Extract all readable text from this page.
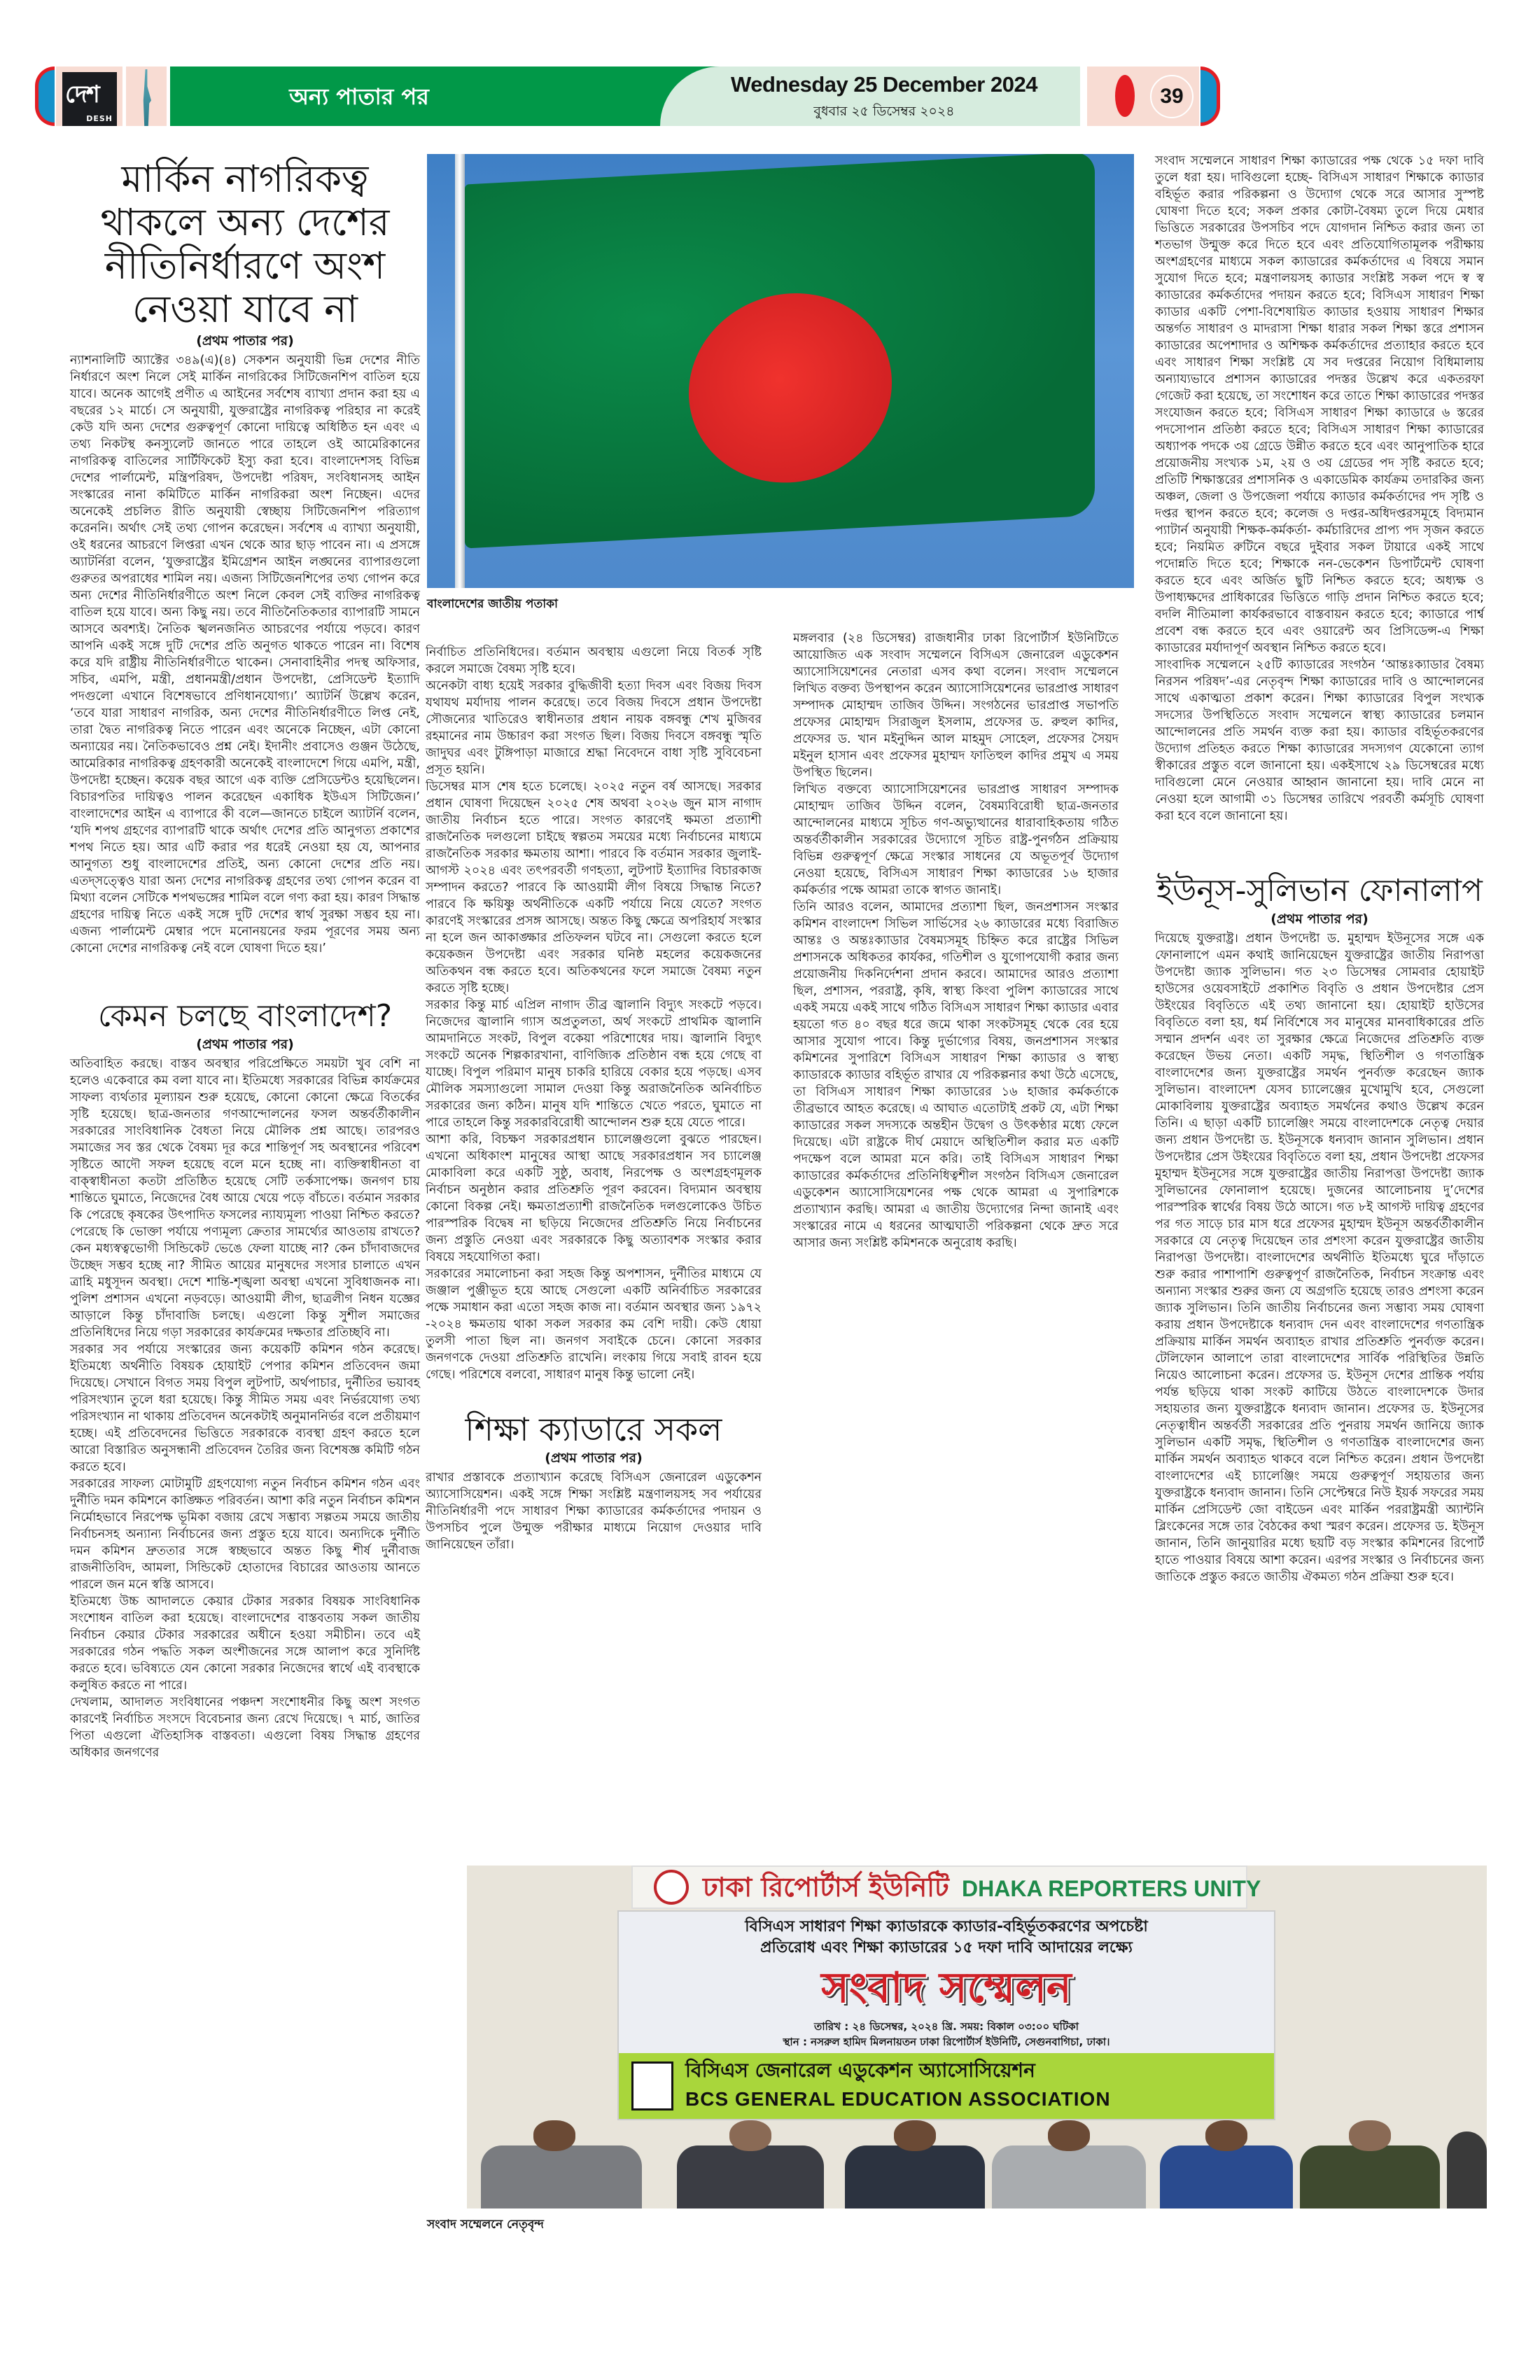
দেশ
DESH
অন্য পাতার পর	Wednesday 25 December 2024
বুধবার ২৫ ডিসেম্বর ২০২৪
39
মার্কিন নাগরিকত্ব থাকলে অন্য দেশের নীতিনির্ধারণে অংশ নেওয়া যাবে না
(প্রথম পাতার পর)

ন্যাশনালিটি অ্যাক্টের ৩৪৯(এ)(৪) সেকশন অনুযায়ী ভিন্ন দেশের নীতি নির্ধারণে অংশ নিলে সেই মার্কিন নাগরিকের সিটিজেনশিপ বাতিল হয়ে যাবে। অনেক আগেই প্রণীত এ আইনের সর্বশেষ ব্যাখ্যা প্রদান করা হয় এ বছরের ১২ মার্চে। সে অনুযায়ী, যুক্তরাষ্ট্রের নাগরিকত্ব পরিহার না করেই কেউ যদি অন্য দেশের গুরুত্বপূর্ণ কোনো দায়িত্বে অধিষ্ঠিত হন এবং এ তথ্য নিকটস্থ কনস্যুলেট জানতে পারে তাহলে ওই আমেরিকানের নাগরিকত্ব বাতিলের সার্টিফিকেট ইস্যু করা হবে। বাংলাদেশসহ বিভিন্ন দেশের পার্লামেন্ট, মন্ত্রিপরিষদ, উপদেষ্টা পরিষদ, সংবিধানসহ আইন সংস্কারের নানা কমিটিতে মার্কিন নাগরিকরা অংশ নিচ্ছেন। এদের অনেকেই প্রচলিত রীতি অনুযায়ী স্বেচ্ছায় সিটিজেনশিপ পরিত্যাগ করেননি। অর্থাৎ সেই তথ্য গোপন করেছেন। সর্বশেষ এ ব্যাখ্যা অনুযায়ী, ওই ধরনের আচরণে লিপ্তরা এখন থেকে আর ছাড় পাবেন না। এ প্রসঙ্গে অ্যাটর্নিরা বলেন, ‘যুক্তরাষ্ট্রের ইমিগ্রেশন আইন লঙ্ঘনের ব্যাপারগুলো গুরুতর অপরাধের শামিল নয়। এজন্য সিটিজেনশিপের তথ্য গোপন করে অন্য দেশের নীতিনির্ধারণীতে অংশ নিলে কেবল সেই ব্যক্তির নাগরিকত্ব বাতিল হয়ে যাবে। অন্য কিছু নয়। তবে নীতিনৈতিকতার ব্যাপারটি সামনে আসবে অবশ্যই। নৈতিক স্খলনজনিত আচরণের পর্যায়ে পড়বে। কারণ আপনি একই সঙ্গে দুটি দেশের প্রতি অনুগত থাকতে পারেন না। বিশেষ করে যদি রাষ্ট্রীয় নীতিনির্ধারণীতে থাকেন। সেনাবাহিনীর পদস্থ অফিসার, সচিব, এমপি, মন্ত্রী, প্রধানমন্ত্রী/প্রধান উপদেষ্টা, প্রেসিডেন্ট ইত্যাদি পদগুলো এখানে বিশেষভাবে প্রণিধানযোগ্য।’ অ্যাটর্নি উল্লেখ করেন, ‘তবে যারা সাধারণ নাগরিক, অন্য দেশের নীতিনির্ধারণীতে লিপ্ত নেই, তারা দ্বৈত নাগরিকত্ব নিতে পারেন এবং অনেকে নিচ্ছেন, এটা কোনো অন্যায়ের নয়। নৈতিকভাবেও প্রশ্ন নেই। ইদানীং প্রবাসেও গুঞ্জন উঠেছে, আমেরিকার নাগরিকত্ব গ্রহণকারী অনেকেই বাংলাদেশে গিয়ে এমপি, মন্ত্রী, উপদেষ্টা হচ্ছেন। কয়েক বছর আগে এক ব্যক্তি প্রেসিডেন্টও হয়েছিলেন। বিচারপতির দায়িত্বও পালন করেছেন একাধিক ইউএস সিটিজেন।’ বাংলাদেশের আইন এ ব্যাপারে কী বলে—জানতে চাইলে অ্যাটর্নি বলেন, ‘যদি শপথ গ্রহণের ব্যাপারটি থাকে অর্থাৎ দেশের প্রতি আনুগত্য প্রকাশের শপথ নিতে হয়। আর এটি করার পর ধরেই নেওয়া হয় যে, আপনার আনুগত্য শুধু বাংলাদেশের প্রতিই, অন্য কোনো দেশের প্রতি নয়। এতদ্সত্ত্বেও যারা অন্য দেশের নাগরিকত্ব গ্রহণের তথ্য গোপন করেন বা মিথ্যা বলেন সেটিকে শপথভঙ্গের শামিল বলে গণ্য করা হয়। কারণ সিদ্ধান্ত গ্রহণের দায়িত্ব নিতে একই সঙ্গে দুটি দেশের স্বার্থ সুরক্ষা সম্ভব হয় না। এজন্য পার্লামেন্ট মেম্বার পদে মনোনয়নের ফরম পূরণের সময় অন্য কোনো দেশের নাগরিকত্ব নেই বলে ঘোষণা দিতে হয়।’

কেমন চলছে বাংলাদেশ?
(প্রথম পাতার পর)

অতিবাহিত করছে। বাস্তব অবস্থার পরিপ্রেক্ষিতে সময়টা খুব বেশি না হলেও একেবারে কম বলা যাবে না। ইতিমধ্যে সরকারের বিভিন্ন কার্যক্রমের সাফল্য ব্যর্থতার মূল্যায়ন শুরু হয়েছে, কোনো কোনো ক্ষেত্রে বিতর্কের সৃষ্টি হয়েছে। ছাত্র-জনতার গণআন্দোলনের ফসল অন্তর্বর্তীকালীন সরকারের সাংবিধানিক বৈধতা নিয়ে মৌলিক প্রশ্ন আছে। তারপরও সমাজের সব স্তর থেকে বৈষম্য দূর করে শান্তিপূর্ণ সহ অবস্থানের পরিবেশ সৃষ্টিতে আদৌ সফল হয়েছে বলে মনে হচ্ছে না। ব্যক্তিস্বাধীনতা বা বাক্স্বাধীনতা কতটা প্রতিষ্ঠিত হয়েছে সেটি তর্কসাপেক্ষ। জনগণ চায় শান্তিতে ঘুমাতে, নিজেদের বৈধ আয়ে খেয়ে পড়ে বাঁচতে। বর্তমান সরকার কি পেরেছে কৃষকের উৎপাদিত ফসলের ন্যায্যমূল্য পাওয়া নিশ্চিত করতে? পেরেছে কি ভোক্তা পর্যায়ে পণ্যমূল্য ক্রেতার সামর্থ্যের আওতায় রাখতে? কেন মধ্যস্বত্বভোগী সিন্ডিকেট ভেঙে ফেলা যাচ্ছে না? কেন চাঁদাবাজদের উচ্ছেদ সম্ভব হচ্ছে না? সীমিত আয়ের মানুষদের সংসার চালাতে এখন ত্রাহি মধুসূদন অবস্থা। দেশে শান্তি-শৃঙ্খলা অবস্থা এখনো সুবিধাজনক না। পুলিশ প্রশাসন এখনো নড়বড়ে। আওয়ামী লীগ, ছাত্রলীগ নিধন যজ্ঞের আড়ালে কিন্তু চাঁদাবাজি চলছে। এগুলো কিন্তু সুশীল সমাজের প্রতিনিধিদের নিয়ে গড়া সরকারের কার্যক্রমের দক্ষতার প্রতিচ্ছবি না।

সরকার সব পর্যায়ে সংস্কারের জন্য কয়েকটি কমিশন গঠন করেছে। ইতিমধ্যে অর্থনীতি বিষয়ক হোয়াইট পেপার কমিশন প্রতিবেদন জমা দিয়েছে। সেখানে বিগত সময় বিপুল লুটপাট, অর্থপাচার, দুর্নীতির ভয়াবহ পরিসংখ্যান তুলে ধরা হয়েছে। কিন্তু সীমিত সময় এবং নির্ভরযোগ্য তথ্য পরিসংখ্যান না থাকায় প্রতিবেদন অনেকটাই অনুমাননির্ভর বলে প্রতীয়মাণ হচ্ছে। এই প্রতিবেদনের ভিত্তিতে সরকারকে ব্যবস্থা গ্রহণ করতে হলে আরো বিস্তারিত অনুসন্ধানী প্রতিবেদন তৈরির জন্য বিশেষজ্ঞ কমিটি গঠন করতে হবে।

সরকারের সাফল্য মোটামুটি গ্রহণযোগ্য নতুন নির্বাচন কমিশন গঠন এবং দুর্নীতি দমন কমিশনে কাঙ্ক্ষিত পরিবর্তন। আশা করি নতুন নির্বাচন কমিশন নির্মোহভাবে নিরপেক্ষ ভূমিকা বজায় রেখে সম্ভাব্য সল্পতম সময়ে জাতীয় নির্বাচনসহ অন্যান্য নির্বাচনের জন্য প্রস্তুত হয়ে যাবে। অন্যদিকে দুর্নীতি দমন কমিশন দ্রুততার সঙ্গে স্বচ্ছভাবে অন্তত কিছু শীর্ষ দুর্নীবাজ রাজনীতিবিদ, আমলা, সিন্ডিকেট হোতাদের বিচারের আওতায় আনতে পারলে জন মনে স্বস্তি আসবে।

ইতিমধ্যে উচ্চ আদালতে কেয়ার টেকার সরকার বিষয়ক সাংবিধানিক সংশোধন বাতিল করা হয়েছে। বাংলাদেশের বাস্তবতায় সকল জাতীয় নির্বাচন কেয়ার টেকার সরকারের অধীনে হওয়া সমীচীন। তবে এই সরকারের গঠন পদ্ধতি সকল অংশীজনের সঙ্গে আলাপ করে সুনির্দিষ্ট করতে হবে। ভবিষ্যতে যেন কোনো সরকার নিজেদের স্বার্থে এই ব্যবস্থাকে কলুষিত করতে না পারে।

দেখলাম, আদালত সংবিধানের পঞ্চদশ সংশোধনীর কিছু অংশ সংগত কারণেই নির্বাচিত সংসদে বিবেচনার জন্য রেখে দিয়েছে। ৭ মার্চ, জাতির পিতা এগুলো ঐতিহাসিক বাস্তবতা। এগুলো বিষয় সিদ্ধান্ত গ্রহণের অধিকার জনগণের

বাংলাদেশের জাতীয় পতাকা

নির্বাচিত প্রতিনিধিদের। বর্তমান অবস্থায় এগুলো নিয়ে বিতর্ক সৃষ্টি করলে সমাজে বৈষম্য সৃষ্টি হবে।

অনেকটা বাধ্য হয়েই সরকার বুদ্ধিজীবী হত্যা দিবস এবং বিজয় দিবস যথাযথ মর্যাদায় পালন করেছে। তবে বিজয় দিবসে প্রধান উপদেষ্টা সৌজন্যের খাতিরেও স্বাধীনতার প্রধান নায়ক বঙ্গবন্ধু শেখ মুজিবর রহমানের নাম উচ্চারণ করা সংগত ছিল। বিজয় দিবসে বঙ্গবন্ধু স্মৃতি জাদুঘর এবং টুঙ্গিপাড়া মাজারে শ্রদ্ধা নিবেদনে বাধা সৃষ্টি সুবিবেচনা প্রসূত হয়নি।

ডিসেম্বর মাস শেষ হতে চলেছে। ২০২৫ নতুন বর্ষ আসছে। সরকার প্রধান ঘোষণা দিয়েছেন ২০২৫ শেষ অথবা ২০২৬ জুন মাস নাগাদ জাতীয় নির্বাচন হতে পারে। সংগত কারণেই ক্ষমতা প্রত্যাশী রাজনৈতিক দলগুলো চাইছে স্বল্পতম সময়ের মধ্যে নির্বাচনের মাধ্যমে রাজনৈতিক সরকার ক্ষমতায় আশা। পারবে কি বর্তমান সরকার জুলাই-আগস্ট ২০২৪ এবং তৎপরবর্তী গণহত্যা, লুটপাট ইত্যাদির বিচারকাজ সম্পাদন করতে? পারবে কি আওয়ামী লীগ বিষয়ে সিদ্ধান্ত নিতে? পারবে কি ক্ষয়িষ্ণু অর্থনীতিকে একটি পর্যায়ে নিয়ে যেতে? সংগত কারণেই সংস্কারের প্রসঙ্গ আসছে। অন্তত কিছু ক্ষেত্রে অপরিহার্য সংস্কার না হলে জন আকাঙ্ক্ষার প্রতিফলন ঘটবে না। সেগুলো করতে হলে কয়েকজন উপদেষ্টা এবং সরকার ঘনিষ্ঠ মহলের কয়েকজনের অতিকথন বন্ধ করতে হবে। অতিকথনের ফলে সমাজে বৈষম্য নতুন করতে সৃষ্টি হচ্ছে।

সরকার কিন্তু মার্চ এপ্রিল নাগাদ তীব্র জ্বালানি বিদ্যুৎ সংকটে পড়বে। নিজেদের জ্বালানি গ্যাস অপ্রতুলতা, অর্থ সংকটে প্রাথমিক জ্বালানি আমদানিতে সংকট, বিপুল বকেয়া পরিশোধের দায়। জ্বালানি বিদ্যুৎ সংকটে অনেক শিল্পকারখানা, বাণিজ্যিক প্রতিষ্ঠান বন্ধ হয়ে গেছে বা যাচ্ছে। বিপুল পরিমাণ মানুষ চাকরি হারিয়ে বেকার হয়ে পড়ছে। এসব মৌলিক সমস্যাগুলো সামাল দেওয়া কিন্তু অরাজনৈতিক অনির্বাচিত সরকারের জন্য কঠিন। মানুষ যদি শান্তিতে খেতে পরতে, ঘুমাতে না পারে তাহলে কিন্তু সরকারবিরোধী আন্দোলন শুরু হয়ে যেতে পারে।

আশা করি, বিচক্ষণ সরকারপ্রধান চ্যালেঞ্জগুলো বুঝতে পারছেন। এখনো অধিকাংশ মানুষের আস্থা আছে সরকারপ্রধান সব চ্যালেঞ্জ মোকাবিলা করে একটি সুষ্ঠু, অবাধ, নিরপেক্ষ ও অংশগ্রহণমূলক নির্বাচন অনুষ্ঠান করার প্রতিশ্রুতি পূরণ করবেন। বিদ্যমান অবস্থায় কোনো বিকল্প নেই। ক্ষমতাপ্রত্যাশী রাজনৈতিক দলগুলোকেও উচিত পারস্পরিক বিদ্বেষ না ছড়িয়ে নিজেদের প্রতিশ্রুতি নিয়ে নির্বাচনের জন্য প্রস্তুতি নেওয়া এবং সরকারকে কিছু অত্যাবশক সংস্কার করার বিষয়ে সহযোগিতা করা।

সরকারের সমালোচনা করা সহজ কিন্তু অপশাসন, দুর্নীতির মাধ্যমে যে জঞ্জাল পুঞ্জীভূত হয়ে আছে সেগুলো একটি অনির্বাচিত সরকারের পক্ষে সমাধান করা এতো সহজ কাজ না। বর্তমান অবস্থার জন্য ১৯৭২ -২০২৪ ক্ষমতায় থাকা সকল সরকার কম বেশি দায়ী। কেউ ধোয়া তুলসী পাতা ছিল না। জনগণ সবাইকে চেনে। কোনো সরকার জনগণকে দেওয়া প্রতিশ্রুতি রাখেনি। লংকায় গিয়ে সবাই রাবন হয়ে গেছে। পরিশেষে বলবো, সাধারণ মানুষ কিন্তু ভালো নেই।

শিক্ষা ক্যাডারে সকল
(প্রথম পাতার পর)

রাখার প্রস্তাবকে প্রত্যাখ্যান করেছে বিসিএস জেনারেল এডুকেশন অ্যাসোসিয়েশন। একই সঙ্গে শিক্ষা সংশ্লিষ্ট মন্ত্রণালয়সহ সব পর্যায়ের নীতিনির্ধারণী পদে সাধারণ শিক্ষা ক্যাডারের কর্মকর্তাদের পদায়ন ও উপসচিব পুলে উন্মুক্ত পরীক্ষার মাধ্যমে নিয়োগ দেওয়ার দাবি জানিয়েছেন তাঁরা।

মঙ্গলবার (২৪ ডিসেম্বর) রাজধানীর ঢাকা রিপোর্টার্স ইউনিটিতে আয়োজিত এক সংবাদ সম্মেলনে বিসিএস জেনারেল এডুকেশন অ্যাসোসিয়েশনের নেতারা এসব কথা বলেন। সংবাদ সম্মেলনে লিখিত বক্তব্য উপস্থাপন করেন অ্যাসোসিয়েশনের ভারপ্রাপ্ত সাধারণ সম্পাদক মোহাম্মদ তাজিব উদ্দিন। সংগঠনের ভারপ্রাপ্ত সভাপতি প্রফেসর মোহাম্মদ সিরাজুল ইসলাম, প্রফেসর ড. রুহুল কাদির, প্রফেসর ড. খান মইনুদ্দিন আল মাহমুদ সোহেল, প্রফেসর সৈয়দ মইনুল হাসান এবং প্রফেসর মুহাম্মদ ফাতিহুল কাদির প্রমুখ এ সময় উপস্থিত ছিলেন।

লিখিত বক্তব্যে অ্যাসোসিয়েশনের ভারপ্রাপ্ত সাধারণ সম্পাদক মোহাম্মদ তাজিব উদ্দিন বলেন, বৈষম্যবিরোধী ছাত্র-জনতার আন্দোলনের মাধ্যমে সূচিত গণ-অভ্যুত্থানের ধারাবাহিকতায় গঠিত অন্তর্বর্তীকালীন সরকারের উদ্যোগে সূচিত রাষ্ট্র-পুনর্গঠন প্রক্রিয়ায় বিভিন্ন গুরুত্বপূর্ণ ক্ষেত্রে সংস্কার সাধনের যে অভূতপূর্ব উদ্যোগ নেওয়া হয়েছে, বিসিএস সাধারণ শিক্ষা ক্যাডারের ১৬ হাজার কর্মকর্তার পক্ষে আমরা তাকে স্বাগত জানাই।

তিনি আরও বলেন, আমাদের প্রত্যাশা ছিল, জনপ্রশাসন সংস্কার কমিশন বাংলাদেশ সিভিল সার্ভিসের ২৬ ক্যাডারের মধ্যে বিরাজিত আন্তঃ ও অন্তঃক্যাডার বৈষম্যসমূহ চিহ্নিত করে রাষ্ট্রের সিভিল প্রশাসনকে অধিকতর কার্যকর, গতিশীল ও যুগোপযোগী করার জন্য প্রয়োজনীয় দিকনির্দেশনা প্রদান করবে। আমাদের আরও প্রত্যাশা ছিল, প্রশাসন, পররাষ্ট্র, কৃষি, স্বাস্থ্য কিংবা পুলিশ ক্যাডারের সাথে একই সময়ে একই সাথে গঠিত বিসিএস সাধারণ শিক্ষা ক্যাডার এবার হয়তো গত ৪০ বছর ধরে জমে থাকা সংকটসমূহ থেকে বের হয়ে আসার সুযোগ পাবে। কিন্তু দুর্ভাগ্যের বিষয়, জনপ্রশাসন সংস্কার কমিশনের সুপারিশে বিসিএস সাধারণ শিক্ষা ক্যাডার ও স্বাস্থ্য ক্যাডারকে ক্যাডার বহির্ভূত রাখার যে পরিকল্পনার কথা উঠে এসেছে, তা বিসিএস সাধারণ শিক্ষা ক্যাডারের ১৬ হাজার কর্মকর্তাকে তীব্রভাবে আহত করেছে। এ আঘাত এতোটাই প্রকট যে, এটা শিক্ষা ক্যাডারের সকল সদস্যকে অন্তহীন উদ্বেগ ও উৎকণ্ঠার মধ্যে ফেলে দিয়েছে। এটা রাষ্ট্রকে দীর্ঘ মেয়াদে অস্থিতিশীল করার মত একটি পদক্ষেপ বলে আমরা মনে করি। তাই বিসিএস সাধারণ শিক্ষা ক্যাডারের কর্মকর্তাদের প্রতিনিধিত্বশীল সংগঠন বিসিএস জেনারেল এডুকেশন অ্যাসোসিয়েশনের পক্ষ থেকে আমরা এ সুপারিশকে প্রত্যাখ্যান করছি। আমরা এ জাতীয় উদ্যোগের নিন্দা জানাই এবং সংস্কারের নামে এ ধরনের আত্মঘাতী পরিকল্পনা থেকে দ্রুত সরে আসার জন্য সংশ্লিষ্ট কমিশনকে অনুরোধ করছি।

সংবাদ সম্মেলনে সাধারণ শিক্ষা ক্যাডারের পক্ষ থেকে ১৫ দফা দাবি তুলে ধরা হয়। দাবিগুলো হচ্ছে- বিসিএস সাধারণ শিক্ষাকে ক্যাডার বহির্ভূত করার পরিকল্পনা ও উদ্যোগ থেকে সরে আসার সুস্পষ্ট ঘোষণা দিতে হবে; সকল প্রকার কোটা-বৈষম্য তুলে দিয়ে মেধার ভিত্তিতে সরকারের উপসচিব পদে যোগদান নিশ্চিত করার জন্য তা শতভাগ উন্মুক্ত করে দিতে হবে এবং প্রতিযোগিতামূলক পরীক্ষায় অংশগ্রহণের মাধ্যমে সকল ক্যাডারের কর্মকর্তাদের এ বিষয়ে সমান সুযোগ দিতে হবে; মন্ত্রণালয়সহ ক্যাডার সংশ্লিষ্ট সকল পদে স্ব স্ব ক্যাডারের কর্মকর্তাদের পদায়ন করতে হবে; বিসিএস সাধারণ শিক্ষা ক্যাডার একটি পেশা-বিশেষায়িত ক্যাডার হওয়ায় সাধারণ শিক্ষার অন্তর্গত সাধারণ ও মাদরাসা শিক্ষা ধারার সকল শিক্ষা স্তরে প্রশাসন ক্যাডারের অপেশাদার ও অশিক্ষক কর্মকর্তাদের প্রত্যাহার করতে হবে এবং সাধারণ শিক্ষা সংশ্লিষ্ট যে সব দপ্তরের নিয়োগ বিধিমালায় অন্যায্যভাবে প্রশাসন ক্যাডারের পদস্তর উল্লেখ করে একতরফা গেজেট করা হয়েছে, তা সংশোধন করে তাতে শিক্ষা ক্যাডারের পদস্তর সংযোজন করতে হবে; বিসিএস সাধারণ শিক্ষা ক্যাডারে ৬ স্তরের পদসোপান প্রতিষ্ঠা করতে হবে; বিসিএস সাধারণ শিক্ষা ক্যাডারের অধ্যাপক পদকে ৩য় গ্রেডে উন্নীত করতে হবে এবং আনুপাতিক হারে প্রয়োজনীয় সংখ্যক ১ম, ২য় ও ৩য় গ্রেডের পদ সৃষ্টি করতে হবে; প্রতিটি শিক্ষাস্তরের প্রশাসনিক ও একাডেমিক কার্যক্রম তদারকির জন্য অঞ্চল, জেলা ও উপজেলা পর্যায়ে ক্যাডার কর্মকর্তাদের পদ সৃষ্টি ও দপ্তর স্থাপন করতে হবে; কলেজ ও দপ্তর-অধিদপ্তরসমূহে বিদ্যমান প্যাটার্ন অনুযায়ী শিক্ষক-কর্মকর্তা- কর্মচারিদের প্রাপ্য পদ সৃজন করতে হবে; নিয়মিত রুটিনে বছরে দুইবার সকল টায়ারে একই সাথে পদোন্নতি দিতে হবে; শিক্ষাকে নন-ভেকেশন ডিপার্টমেন্ট ঘোষণা করতে হবে এবং অর্জিত ছুটি নিশ্চিত করতে হবে; অধ্যক্ষ ও উপাধ্যক্ষদের প্রাধিকারের ভিত্তিতে গাড়ি প্রদান নিশ্চিত করতে হবে; বদলি নীতিমালা কার্যকরভাবে বাস্তবায়ন করতে হবে; ক্যাডারে পার্শ্ব প্রবেশ বন্ধ করতে হবে এবং ওয়ারেন্ট অব প্রিসিডেন্স-এ শিক্ষা ক্যাডারের মর্যাদাপূর্ণ অবস্থান নিশ্চিত করতে হবে।

সাংবাদিক সম্মেলনে ২৫টি ক্যাডারের সংগঠন ‘আন্তঃক্যাডার বৈষম্য নিরসন পরিষদ’-এর নেতৃবৃন্দ শিক্ষা ক্যাডারের দাবি ও আন্দোলনের সাথে একাত্মতা প্রকাশ করেন। শিক্ষা ক্যাডারের বিপুল সংখ্যক সদস্যের উপস্থিতিতে সংবাদ সম্মেলনে স্বাস্থ্য ক্যাডারের চলমান আন্দোলনের প্রতি সমর্থন ব্যক্ত করা হয়। ক্যাডার বহির্ভূতকরণের উদ্যোগ প্রতিহত করতে শিক্ষা ক্যাডারের সদস্যগণ যেকোনো ত্যাগ স্বীকারের প্রস্তুত বলে জানানো হয়। একইসাথে ২৯ ডিসেম্বরের মধ্যে দাবিগুলো মেনে নেওয়ার আহ্বান জানানো হয়। দাবি মেনে না নেওয়া হলে আগামী ৩১ ডিসেম্বর তারিখে পরবর্তী কর্মসূচি ঘোষণা করা হবে বলে জানানো হয়।

ইউনূস-সুলিভান ফোনালাপ
(প্রথম পাতার পর)

দিয়েছে যুক্তরাষ্ট্র। প্রধান উপদেষ্টা ড. মুহাম্মদ ইউনূসের সঙ্গে এক ফোনালাপে এমন কথাই জানিয়েছেন যুক্তরাষ্ট্রের জাতীয় নিরাপত্তা উপদেষ্টা জ্যাক সুলিভান। গত ২৩ ডিসেম্বর সোমবার হোয়াইট হাউসের ওয়েবসাইটে প্রকাশিত বিবৃতি ও প্রধান উপদেষ্টার প্রেস উইংয়ের বিবৃতিতে এই তথ্য জানানো হয়। হোয়াইট হাউসের বিবৃতিতে বলা হয়, ধর্ম নির্বিশেষে সব মানুষের মানবাধিকারের প্রতি সম্মান প্রদর্শন এবং তা সুরক্ষার ক্ষেত্রে নিজেদের প্রতিশ্রুতি ব্যক্ত করেছেন উভয় নেতা। একটি সমৃদ্ধ, স্থিতিশীল ও গণতান্ত্রিক বাংলাদেশের জন্য যুক্তরাষ্ট্রের সমর্থন পুনর্ব্যক্ত করেছেন জ্যাক সুলিভান। বাংলাদেশ যেসব চ্যালেঞ্জের মুখোমুখি হবে, সেগুলো মোকাবিলায় যুক্তরাষ্ট্রের অব্যাহত সমর্থনের কথাও উল্লেখ করেন তিনি। এ ছাড়া একটি চ্যালেঞ্জিং সময়ে বাংলাদেশকে নেতৃত্ব দেয়ার জন্য প্রধান উপদেষ্টা ড. ইউনূসকে ধন্যবাদ জানান সুলিভান। প্রধান উপদেষ্টার প্রেস উইংয়ের বিবৃতিতে বলা হয়, প্রধান উপদেষ্টা প্রফেসর মুহাম্মদ ইউনূসের সঙ্গে যুক্তরাষ্ট্রের জাতীয় নিরাপত্তা উপদেষ্টা জ্যাক সুলিভানের ফোনালাপ হয়েছে। দুজনের আলোচনায় দু’দেশের পারস্পরিক স্বার্থের বিষয় উঠে আসে। গত ৮ই আগস্ট দায়িত্ব গ্রহণের পর গত সাড়ে চার মাস ধরে প্রফেসর মুহাম্মদ ইউনূস অন্তর্বর্তীকালীন সরকারে যে নেতৃত্ব দিয়েছেন তার প্রশংসা করেন যুক্তরাষ্ট্রের জাতীয় নিরাপত্তা উপদেষ্টা। বাংলাদেশের অর্থনীতি ইতিমধ্যে ঘুরে দাঁড়াতে শুরু করার পাশাপাশি গুরুত্বপূর্ণ রাজনৈতিক, নির্বাচন সংক্রান্ত এবং অন্যান্য সংস্কার শুরুর জন্য যে অগ্রগতি হয়েছে তারও প্রশংসা করেন জ্যাক সুলিভান। তিনি জাতীয় নির্বাচনের জন্য সম্ভাব্য সময় ঘোষণা করায় প্রধান উপদেষ্টাকে ধন্যবাদ দেন এবং বাংলাদেশের গণতান্ত্রিক প্রক্রিয়ায় মার্কিন সমর্থন অব্যাহত রাখার প্রতিশ্রুতি পুনর্ব্যক্ত করেন। টেলিফোন আলাপে তারা বাংলাদেশের সার্বিক পরিস্থিতির উন্নতি নিয়েও আলোচনা করেন। প্রফেসর ড. ইউনূস দেশের প্রান্তিক পর্যায় পর্যন্ত ছড়িয়ে থাকা সংকট কাটিয়ে উঠতে বাংলাদেশকে উদার সহায়তার জন্য যুক্তরাষ্ট্রকে ধন্যবাদ জানান। প্রফেসর ড. ইউনূসের নেতৃত্বাধীন অন্তর্বর্তী সরকারের প্রতি পুনরায় সমর্থন জানিয়ে জ্যাক সুলিভান একটি সমৃদ্ধ, স্থিতিশীল ও গণতান্ত্রিক বাংলাদেশের জন্য মার্কিন সমর্থন অব্যাহত থাকবে বলে নিশ্চিত করেন। প্রধান উপদেষ্টা বাংলাদেশের এই চ্যালেঞ্জিং সময়ে গুরুত্বপূর্ণ সহায়তার জন্য যুক্তরাষ্ট্রকে ধন্যবাদ জানান। তিনি সেপ্টেম্বরে নিউ ইয়র্ক সফরের সময় মার্কিন প্রেসিডেন্ট জো বাইডেন এবং মার্কিন পররাষ্ট্রমন্ত্রী অ্যান্টনি ব্লিংকেনের সঙ্গে তার বৈঠকের কথা স্মরণ করেন। প্রফেসর ড. ইউনূস জানান, তিনি জানুয়ারির মধ্যে ছয়টি বড় সংস্কার কমিশনের রিপোর্ট হাতে পাওয়ার বিষয়ে আশা করেন। এরপর সংস্কার ও নির্বাচনের জন্য জাতিকে প্রস্তুত করতে জাতীয় ঐকমত্য গঠন প্রক্রিয়া শুরু হবে।

ঢাকা রিপোর্টার্স ইউনিটি DHAKA REPORTERS UNITY
বিসিএস সাধারণ শিক্ষা ক্যাডারকে ক্যাডার-বহির্ভূতকরণের অপচেষ্টা
প্রতিরোধ এবং শিক্ষা ক্যাডারের ১৫ দফা দাবি আদায়ের লক্ষ্যে
সংবাদ সম্মেলন
তারিখ : ২৪ ডিসেম্বর, ২০২৪ খ্রি. সময়: বিকাল ০৩:০০ ঘটিকা
স্থান : নসরুল হামিদ মিলনায়তন ঢাকা রিপোর্টার্স ইউনিটি, সেগুনবাগিচা, ঢাকা।
বিসিএস জেনারেল এডুকেশন অ্যাসোসিয়েশন
BCS GENERAL EDUCATION ASSOCIATION
সংবাদ সম্মেলনে নেতৃবৃন্দ
